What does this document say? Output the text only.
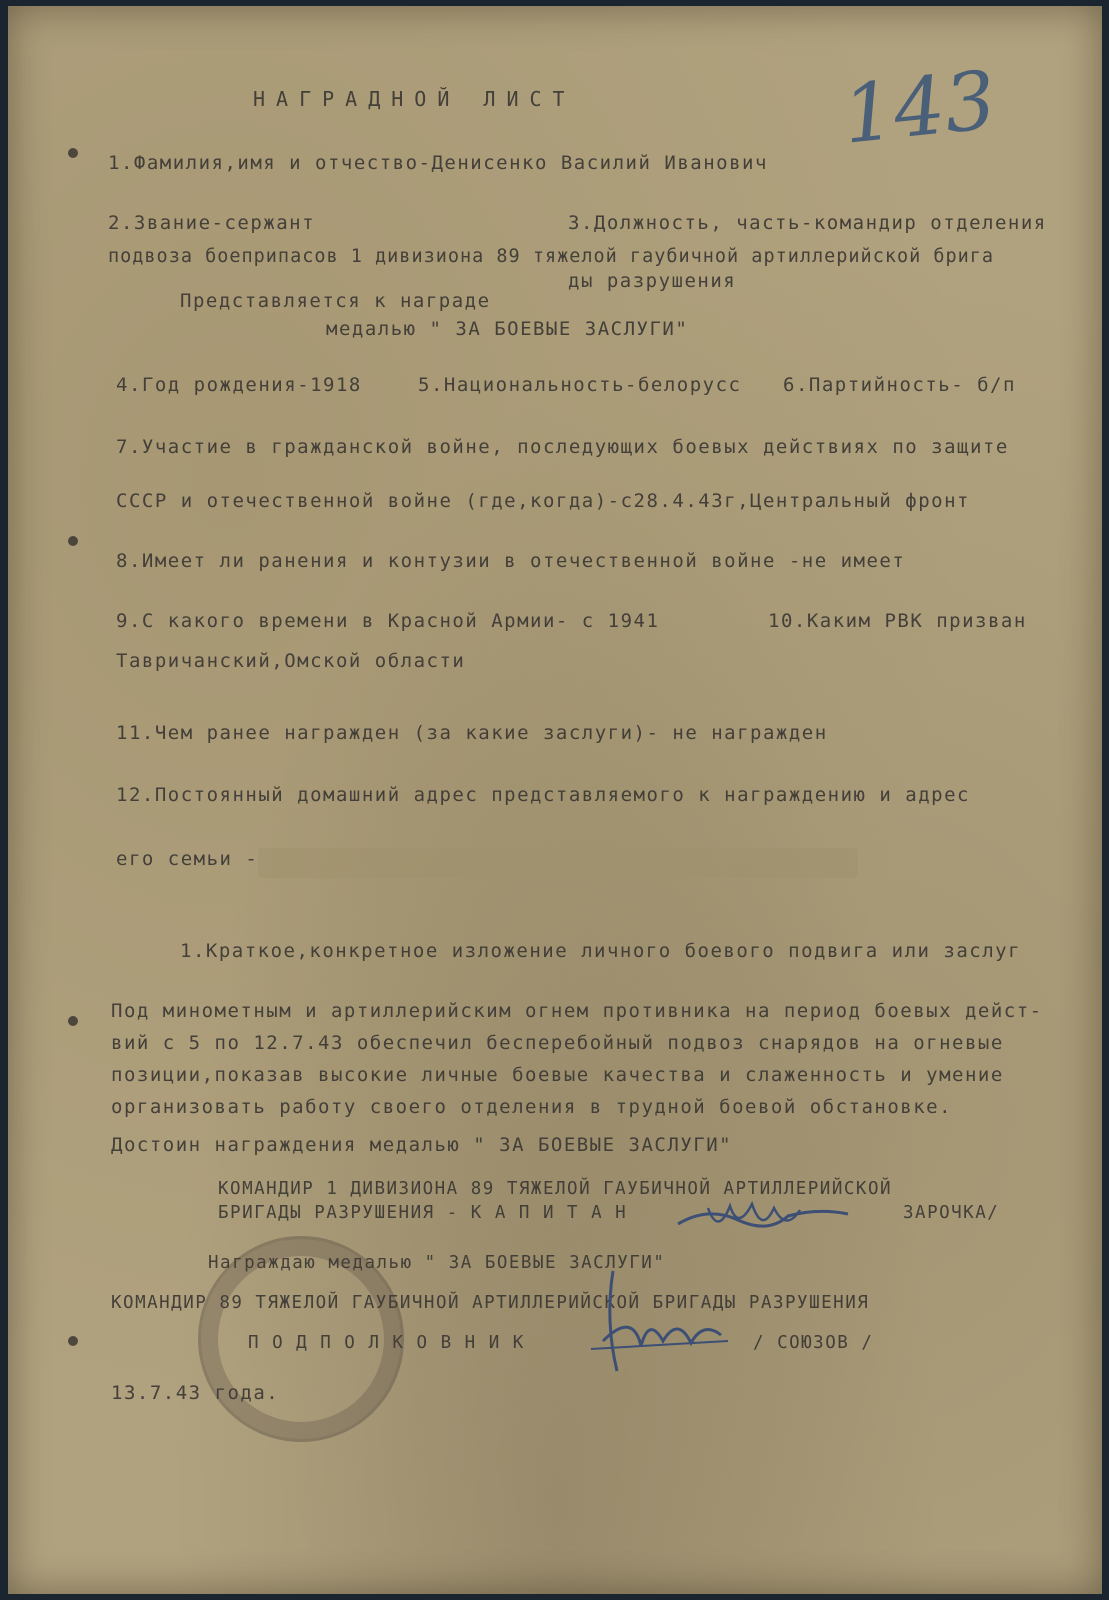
НАГРАДНОЙ ЛИСТ	143
1.Фамилия,имя и отчество-Денисенко Василий Иванович
2.Звание-сержант	3.Должность, часть-командир отделения
подвоза боеприпасов 1 дивизиона 89 тяжелой гаубичной артиллерийской брига
ды разрушения
Представляется к награде
медалью " ЗА БОЕВЫЕ ЗАСЛУГИ"
4.Год рождения-1918	5.Национальность-белорусс 6.Партийность- б/п
7.Участие в гражданской войне, последующих боевых действиях по защите
СССР и отечественной войне (где,когда)-с28.4.43г,Центральный фронт
8.Имеет ли ранения и контузии в отечественной войне -не имеет
9.С какого времени в Красной Армии- с 1941	10.Каким РВК призван
Тавричанский,Омской области
11.Чем ранее награжден (за какие заслуги)- не награжден
12.Постоянный домашний адрес представляемого к награждению и адрес
его семьи -
1.Краткое,конкретное изложение личного боевого подвига или заслуг
Под минометным и артиллерийским огнем противника на период боевых дейст-
вий с 5 по 12.7.43 обеспечил бесперебойный подвоз снарядов на огневые
позиции,показав высокие личные боевые качества и слаженность и умение
организовать работу своего отделения в трудной боевой обстановке.
Достоин награждения медалью " ЗА БОЕВЫЕ ЗАСЛУГИ"
КОМАНДИР 1 ДИВИЗИОНА 89 ТЯЖЕЛОЙ ГАУБИЧНОЙ АРТИЛЛЕРИЙСКОЙ
БРИГАДЫ РАЗРУШЕНИЯ - К А П И Т А Н	ЗАРОЧКА/
Награждаю медалью " ЗА БОЕВЫЕ ЗАСЛУГИ"
КОМАНДИР 89 ТЯЖЕЛОЙ ГАУБИЧНОЙ АРТИЛЛЕРИЙСКОЙ БРИГАДЫ РАЗРУШЕНИЯ
П О Д П О Л К О В Н И К	/ СОЮЗОВ /
13.7.43 года.
